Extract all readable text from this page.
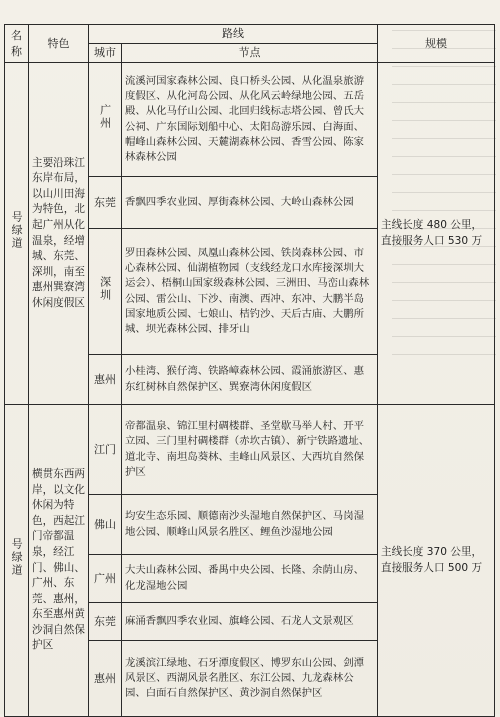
名称	特色	路线		规模
		城市	节点	
号绿道	主要沿珠江东岸布局，以山川田海为特色，北起广州从化温泉，经增城、东莞、深圳，南至惠州巽寮湾休闲度假区	广州	流溪河国家森林公园、良口桥头公园、从化温泉旅游度假区、从化河岛公园、从化风云岭绿地公园、五岳殿、从化马仔山公园、北回归线标志塔公园、曾氏大公祠、广东国际划船中心、太阳岛游乐园、白海面、帽峰山森林公园、天麓湖森林公园、香雪公园、陈家林森林公园	主线长度 480 公里，直接服务人口 530 万
		东莞	香飘四季农业园、厚街森林公园、大岭山森林公园	
		深圳	罗田森林公园、凤凰山森林公园、铁岗森林公园、市心森林公园、仙湖植物园（支线经龙口水库接深圳大运会）、梧桐山国家级森林公园、三洲田、马峦山森林公园、雷公山、下沙、南澳、西冲、东冲、大鹏半岛国家地质公园、七娘山、桔钓沙、天后古庙、大鹏所城、坝光森林公园、排牙山	
		惠州	小桂湾、猴仔湾、铁路嶂森林公园、霞涌旅游区、惠东红树林自然保护区、巽寮湾休闲度假区	
号绿道	横贯东西两岸，以文化休闲为特色，西起江门帝都温泉，经江门、佛山、广州、东莞、惠州，东至惠州黄沙洞自然保护区	江门	帝都温泉、锦江里村碉楼群、圣堂歇马举人村、开平立园、三门里村碉楼群（赤坎古镇）、新宁铁路遗址、道北寺、南坦岛葵林、圭峰山风景区、大西坑自然保护区	主线长度 370 公里，直接服务人口 500 万
		佛山	均安生态乐园、顺德南沙头湿地自然保护区、马岗湿地公园、顺峰山风景名胜区、鲤鱼沙湿地公园	
		广州	大夫山森林公园、番禺中央公园、长隆、余荫山房、化龙湿地公园	
		东莞	麻涌香飘四季农业园、旗峰公园、石龙人文景观区	
		惠州	龙溪滨江绿地、石牙潭度假区、博罗东山公园、剑潭风景区、西湖风景名胜区、东江公园、九龙森林公园、白面石自然保护区、黄沙洞自然保护区	
